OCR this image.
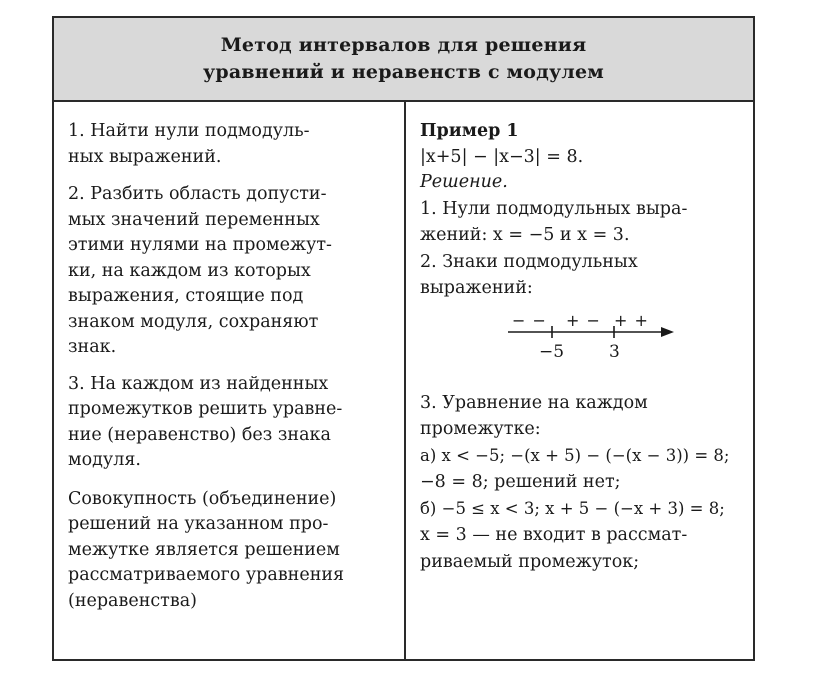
Метод интервалов для решения
уравнений и неравенств с модулем
1. Найти нули подмодуль-
ных выражений.
2. Разбить область допусти-
мых значений переменных
этими нулями на промежут-
ки, на каждом из которых
выражения, стоящие под
знаком модуля, сохраняют
знак.
3. На каждом из найденных
промежутков решить уравне-
ние (неравенство) без знака
модуля.
Совокупность (объединение)
решений на указанном про-
межутке является решением
рассматриваемого уравнения
(неравенства)
Пример 1
|x+5| − |x−3| = 8.
Решение.
1. Нули подмодульных выра-
жений: x = −5 и x = 3.
2. Знаки подмодульных
выражений:
− − + − + +
−5	3
3. Уравнение на каждом
промежутке:
а) x < −5; −(x + 5) − (−(x − 3)) = 8;
−8 = 8; решений нет;
б) −5 ≤ x < 3; x + 5 − (−x + 3) = 8;
x = 3 — не входит в рассмат-
риваемый промежуток;
